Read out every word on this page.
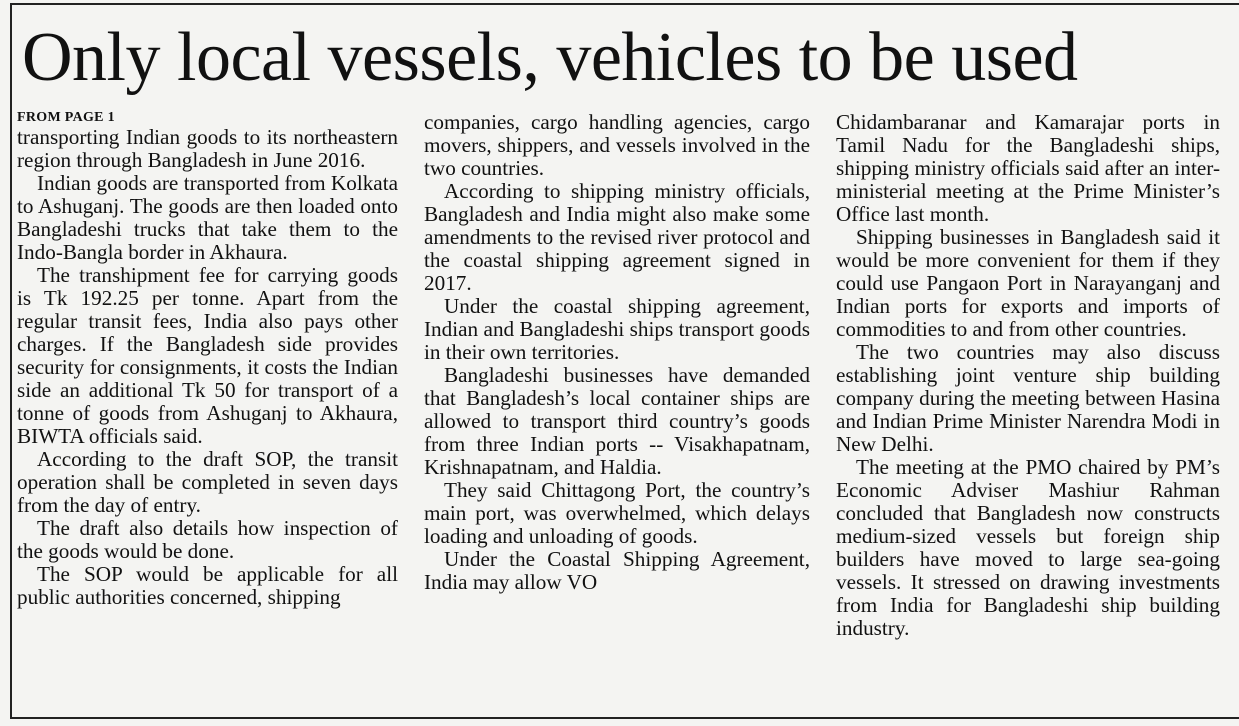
Only local vessels, vehicles to be used
FROM PAGE 1

transporting Indian goods to its northeastern region through Bangladesh in June 2016.

Indian goods are transported from Kolkata to Ashuganj. The goods are then loaded onto Bangladeshi trucks that take them to the Indo-Bangla border in Akhaura.

The transhipment fee for carrying goods is Tk 192.25 per tonne. Apart from the regular transit fees, India also pays other charges. If the Bangladesh side provides security for consignments, it costs the Indian side an additional Tk 50 for transport of a tonne of goods from Ashuganj to Akhaura, BIWTA officials said.

According to the draft SOP, the transit operation shall be completed in seven days from the day of entry.

The draft also details how inspection of the goods would be done.

The SOP would be applicable for all public authorities concerned, shipping

companies, cargo handling agencies, cargo movers, shippers, and vessels involved in the two countries.

According to shipping ministry officials, Bangladesh and India might also make some amendments to the revised river protocol and the coastal shipping agreement signed in 2017.

Under the coastal shipping agreement, Indian and Bangladeshi ships transport goods in their own territories.

Bangladeshi businesses have demanded that Bangladesh’s local container ships are allowed to transport third country’s goods from three Indian ports -- Visakhapatnam, Krishnapatnam, and Haldia.

They said Chittagong Port, the country’s main port, was overwhelmed, which delays loading and unloading of goods.

Under the Coastal Shipping Agreement, India may allow VO

Chidambaranar and Kamarajar ports in Tamil Nadu for the Bangladeshi ships, shipping ministry officials said after an inter-ministerial meeting at the Prime Minister’s Office last month.

Shipping businesses in Bangladesh said it would be more convenient for them if they could use Pangaon Port in Narayanganj and Indian ports for exports and imports of commodities to and from other countries.

The two countries may also discuss establishing joint venture ship building company during the meeting between Hasina and Indian Prime Minister Narendra Modi in New Delhi.

The meeting at the PMO chaired by PM’s Economic Adviser Mashiur Rahman concluded that Bangladesh now constructs medium-sized vessels but foreign ship builders have moved to large sea-going vessels. It stressed on drawing investments from India for Bangladeshi ship building industry.
